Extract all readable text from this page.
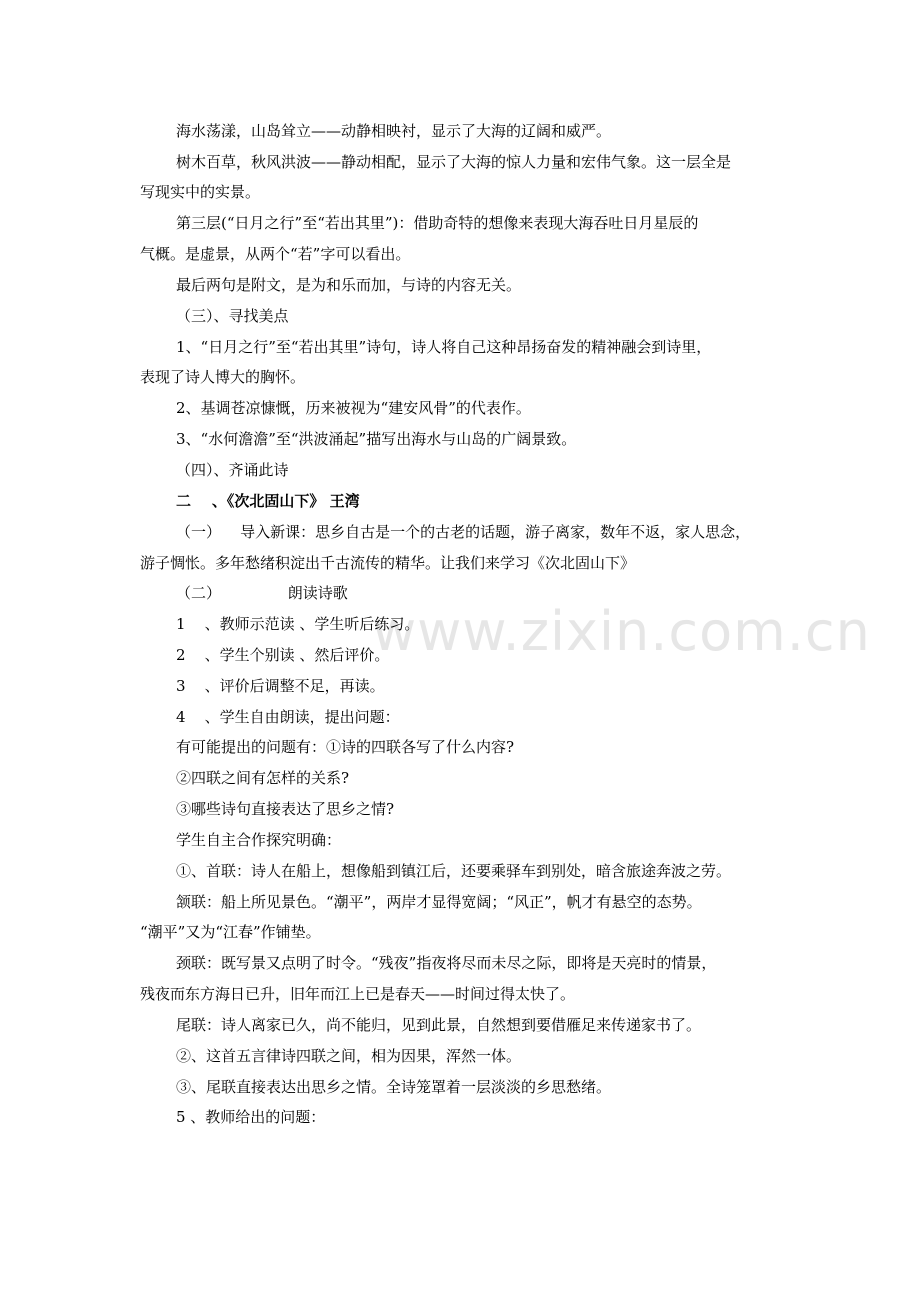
www.zixin.com.cn
海水荡漾，山岛耸立——动静相映衬，显示了大海的辽阔和威严。
树木百草，秋风洪波——静动相配，显示了大海的惊人力量和宏伟气象。这一层全是
写现实中的实景。
第三层(“日月之行”至“若出其里”)：借助奇特的想像来表现大海吞吐日月星辰的
气概。是虚景，从两个“若”字可以看出。
最后两句是附文，是为和乐而加，与诗的内容无关。
（三）、寻找美点
1、“日月之行”至“若出其里”诗句，诗人将自己这种昂扬奋发的精神融会到诗里，
表现了诗人博大的胸怀。
2、基调苍凉慷慨，历来被视为“建安风骨”的代表作。
3、“水何澹澹”至“洪波涌起”描写出海水与山岛的广阔景致。
（四）、齐诵此诗
二    、《次北固山下》 王湾
（一）    导入新课：思乡自古是一个的古老的话题，游子离家，数年不返，家人思念，
游子惆怅。多年愁绪积淀出千古流传的精华。让我们来学习《次北固山下》
（二）              朗读诗歌
1    、教师示范读 、学生听后练习。
2    、学生个别读 、然后评价。
3    、评价后调整不足，再读。
4    、学生自由朗读，提出问题：
有可能提出的问题有：①诗的四联各写了什么内容?
②四联之间有怎样的关系?
③哪些诗句直接表达了思乡之情?
学生自主合作探究明确：
①、首联：诗人在船上，想像船到镇江后，还要乘驿车到别处，暗含旅途奔波之劳。
颔联：船上所见景色。“潮平”，两岸才显得宽阔；“风正”，帆才有悬空的态势。
“潮平”又为“江春”作铺垫。
颈联：既写景又点明了时令。“残夜”指夜将尽而未尽之际，即将是天亮时的情景，
残夜而东方海日已升，旧年而江上已是春天——时间过得太快了。
尾联：诗人离家已久，尚不能归，见到此景，自然想到要借雁足来传递家书了。
②、这首五言律诗四联之间，相为因果，浑然一体。
③、尾联直接表达出思乡之情。全诗笼罩着一层淡淡的乡思愁绪。
5 、教师给出的问题：
